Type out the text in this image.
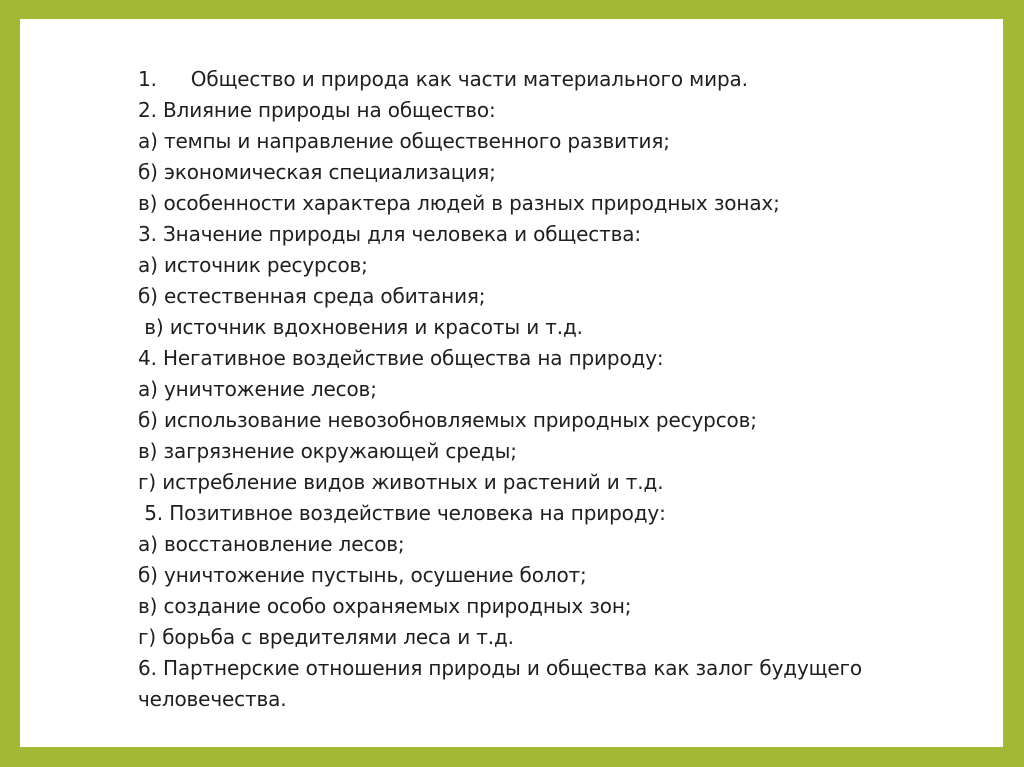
1. Общество и природа как части материального мира.
2. Влияние природы на общество:
а) темпы и направление общественного развития;
б) экономическая специализация;
в) особенности характера людей в разных природных зонах;
3. Значение природы для человека и общества:
а) источник ресурсов;
б) естественная среда обитания;
в) источник вдохновения и красоты и т.д.
4. Негативное воздействие общества на природу:
а) уничтожение лесов;
б) использование невозобновляемых природных ресурсов;
в) загрязнение окружающей среды;
г) истребление видов животных и растений и т.д.
5. Позитивное воздействие человека на природу:
а) восстановление лесов;
б) уничтожение пустынь, осушение болот;
в) создание особо охраняемых природных зон;
г) борьба с вредителями леса и т.д.
6. Партнерские отношения природы и общества как залог будущего человечества.
